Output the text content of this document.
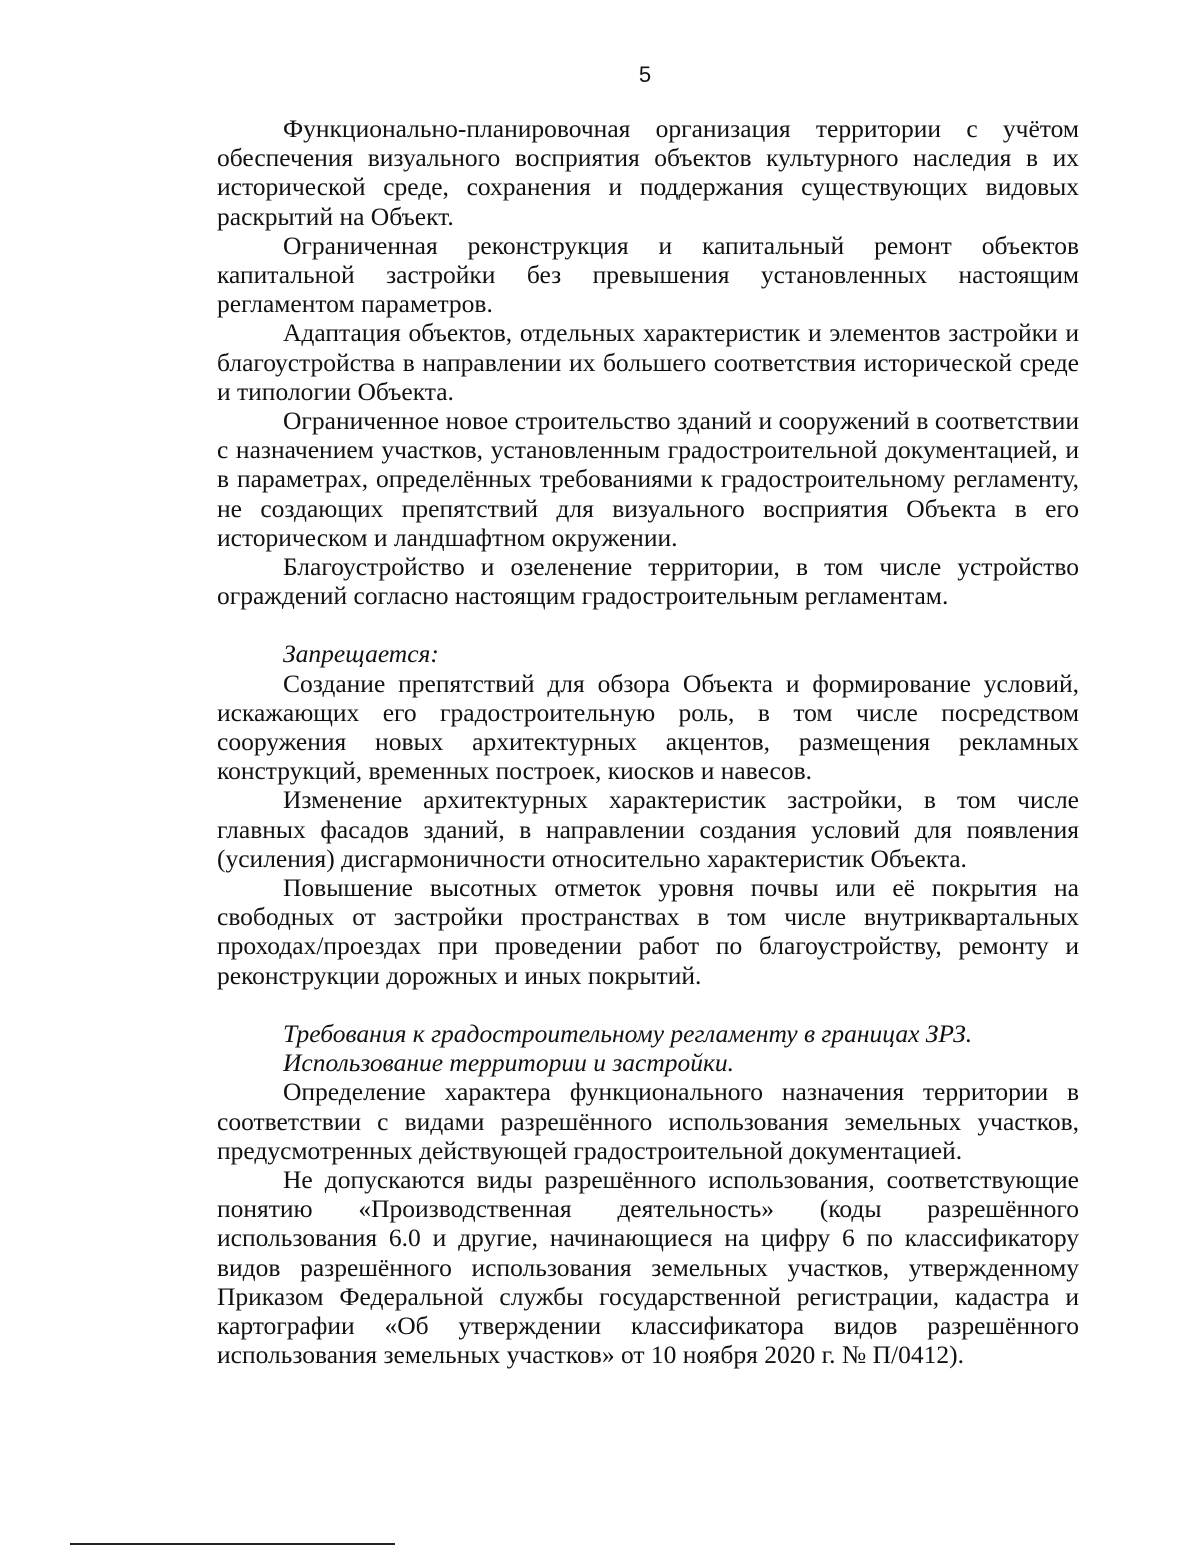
5

Функционально-планировочная организация территории с учётом обеспечения визуального восприятия объектов культурного наследия в их исторической среде, сохранения и поддержания существующих видовых раскрытий на Объект.

Ограниченная реконструкция и капитальный ремонт объектов капитальной застройки без превышения установленных настоящим регламентом параметров.

Адаптация объектов, отдельных характеристик и элементов застройки и благоустройства в направлении их большего соответствия исторической среде и типологии Объекта.

Ограниченное новое строительство зданий и сооружений в соответствии с назначением участков, установленным градостроительной документацией, и в параметрах, определённых требованиями к градостроительному регламенту, не создающих препятствий для визуального восприятия Объекта в его историческом и ландшафтном окружении.

Благоустройство и озеленение территории, в том числе устройство ограждений согласно настоящим градостроительным регламентам.

Запрещается:

Создание препятствий для обзора Объекта и формирование условий, искажающих его градостроительную роль, в том числе посредством сооружения новых архитектурных акцентов, размещения рекламных конструкций, временных построек, киосков и навесов.

Изменение архитектурных характеристик застройки, в том числе главных фасадов зданий, в направлении создания условий для появления (усиления) дисгармоничности относительно характеристик Объекта.

Повышение высотных отметок уровня почвы или её покрытия на свободных от застройки пространствах в том числе внутриквартальных проходах/проездах при проведении работ по благоустройству, ремонту и реконструкции дорожных и иных покрытий.

Требования к градостроительному регламенту в границах ЗРЗ.
Использование территории и застройки.

Определение характера функционального назначения территории в соответствии с видами разрешённого использования земельных участков, предусмотренных действующей градостроительной документацией.

Не допускаются виды разрешённого использования, соответствующие понятию «Производственная деятельность» (коды разрешённого использования 6.0 и другие, начинающиеся на цифру 6 по классификатору видов разрешённого использования земельных участков, утвержденному Приказом Федеральной службы государственной регистрации, кадастра и картографии «Об утверждении классификатора видов разрешённого использования земельных участков» от 10 ноября 2020 г. № П/0412).
